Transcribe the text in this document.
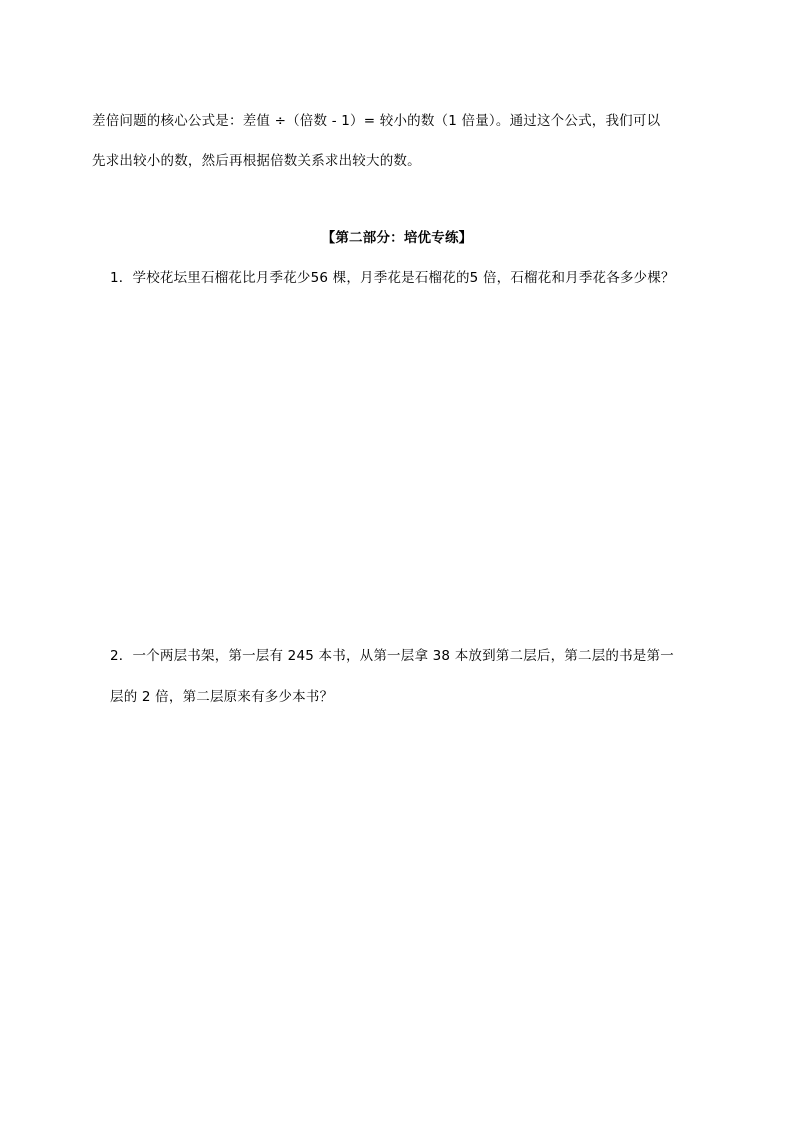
差倍问题的核心公式是：差值 ÷（倍数 - 1）= 较小的数（1 倍量）。通过这个公式，我们可以
先求出较小的数，然后再根据倍数关系求出较大的数。
【第二部分：培优专练】
1．学校花坛里石榴花比月季花少56 棵，月季花是石榴花的5 倍，石榴花和月季花各多少棵？
2．一个两层书架，第一层有 245 本书，从第一层拿 38 本放到第二层后，第二层的书是第一
层的 2 倍，第二层原来有多少本书？
